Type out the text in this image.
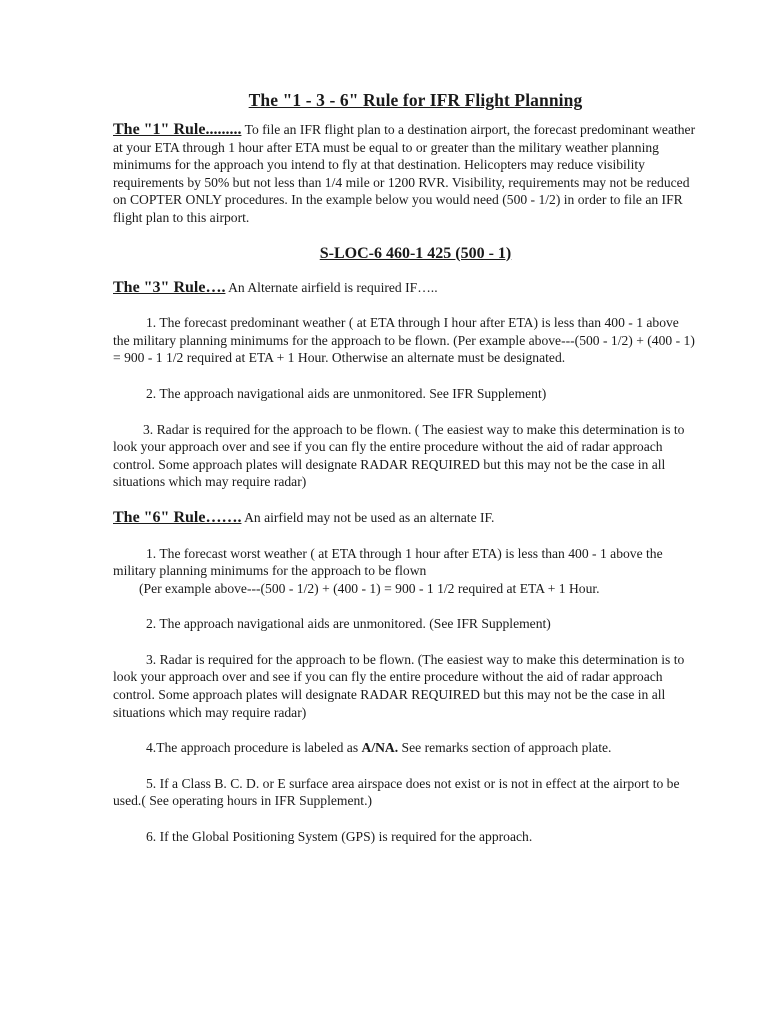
The "1 - 3 - 6" Rule for IFR Flight Planning

The "1" Rule......... To file an IFR flight plan to a destination airport, the forecast predominant weather at your ETA through 1 hour after ETA must be equal to or greater than the military weather planning minimums for the approach you intend to fly at that destination. Helicopters may reduce visibility requirements by 50% but not less than 1/4 mile or 1200 RVR. Visibility, requirements may not be reduced on COPTER ONLY procedures. In the example below you would need (500 - 1/2) in order to file an IFR flight plan to this airport.

S-LOC-6 460-1 425 (500 - 1)

The "3" Rule…. An Alternate airfield is required IF…..

1. The forecast predominant weather ( at ETA through I hour after ETA) is less than 400 - 1 above the military planning minimums for the approach to be flown. (Per example above---(500 - 1/2) + (400 - 1) = 900 - 1 1/2 required at ETA + 1 Hour. Otherwise an alternate must be designated.

2. The approach navigational aids are unmonitored. See IFR Supplement)

3. Radar is required for the approach to be flown. ( The easiest way to make this determination is to look your approach over and see if you can fly the entire procedure without the aid of radar approach control. Some approach plates will designate RADAR REQUIRED but this may not be the case in all situations which may require radar)

The "6" Rule……. An airfield may not be used as an alternate IF.

1. The forecast worst weather ( at ETA through 1 hour after ETA) is less than 400 - 1 above the military planning minimums for the approach to be flown
(Per example above---(500 - 1/2) + (400 - 1) = 900 - 1 1/2 required at ETA + 1 Hour.

2. The approach navigational aids are unmonitored. (See IFR Supplement)

3. Radar is required for the approach to be flown. (The easiest way to make this determination is to look your approach over and see if you can fly the entire procedure without the aid of radar approach control. Some approach plates will designate RADAR REQUIRED but this may not be the case in all situations which may require radar)

4.The approach procedure is labeled as A/NA. See remarks section of approach plate.

5. If a Class B. C. D. or E surface area airspace does not exist or is not in effect at the airport to be used.( See operating hours in IFR Supplement.)

6. If the Global Positioning System (GPS) is required for the approach.
